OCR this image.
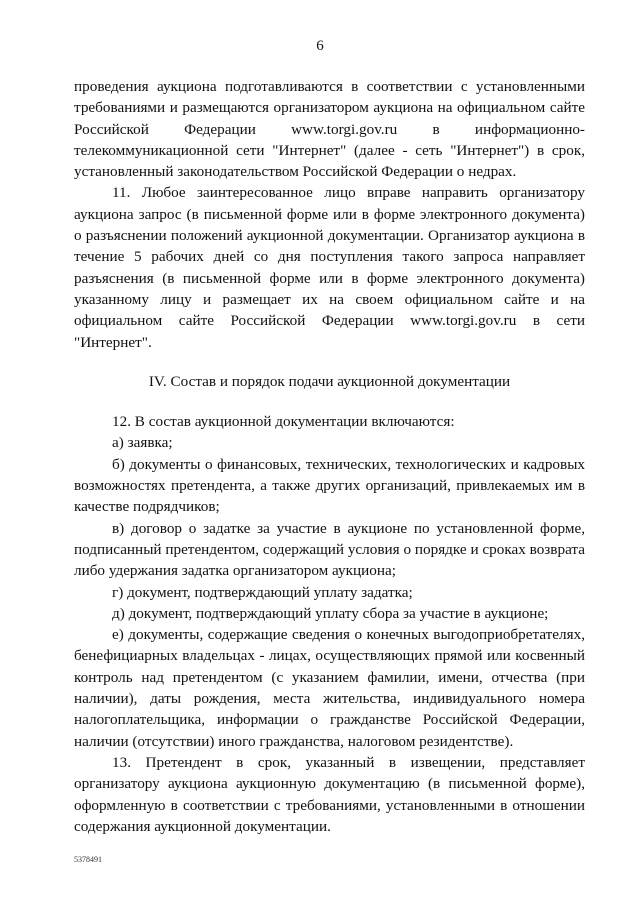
6

проведения аукциона подготавливаются в соответствии с установленными требованиями и размещаются организатором аукциона на официальном сайте Российской Федерации www.torgi.gov.ru в информационно-телекоммуникационной сети "Интернет" (далее - сеть "Интернет") в срок, установленный законодательством Российской Федерации о недрах.

11. Любое заинтересованное лицо вправе направить организатору аукциона запрос (в письменной форме или в форме электронного документа) о разъяснении положений аукционной документации. Организатор аукциона в течение 5 рабочих дней со дня поступления такого запроса направляет разъяснения (в письменной форме или в форме электронного документа) указанному лицу и размещает их на своем официальном сайте и на официальном сайте Российской Федерации www.torgi.gov.ru в сети "Интернет".

IV. Состав и порядок подачи аукционной документации

12. В состав аукционной документации включаются:

а) заявка;

б) документы о финансовых, технических, технологических и кадровых возможностях претендента, а также других организаций, привлекаемых им в качестве подрядчиков;

в) договор о задатке за участие в аукционе по установленной форме, подписанный претендентом, содержащий условия о порядке и сроках возврата либо удержания задатка организатором аукциона;

г) документ, подтверждающий уплату задатка;

д) документ, подтверждающий уплату сбора за участие в аукционе;

е) документы, содержащие сведения о конечных выгодоприобретателях, бенефициарных владельцах - лицах, осуществляющих прямой или косвенный контроль над претендентом (с указанием фамилии, имени, отчества (при наличии), даты рождения, места жительства, индивидуального номера налогоплательщика, информации о гражданстве Российской Федерации, наличии (отсутствии) иного гражданства, налоговом резидентстве).

13. Претендент в срок, указанный в извещении, представляет организатору аукциона аукционную документацию (в письменной форме), оформленную в соответствии с требованиями, установленными в отношении содержания аукционной документации.

5378491
